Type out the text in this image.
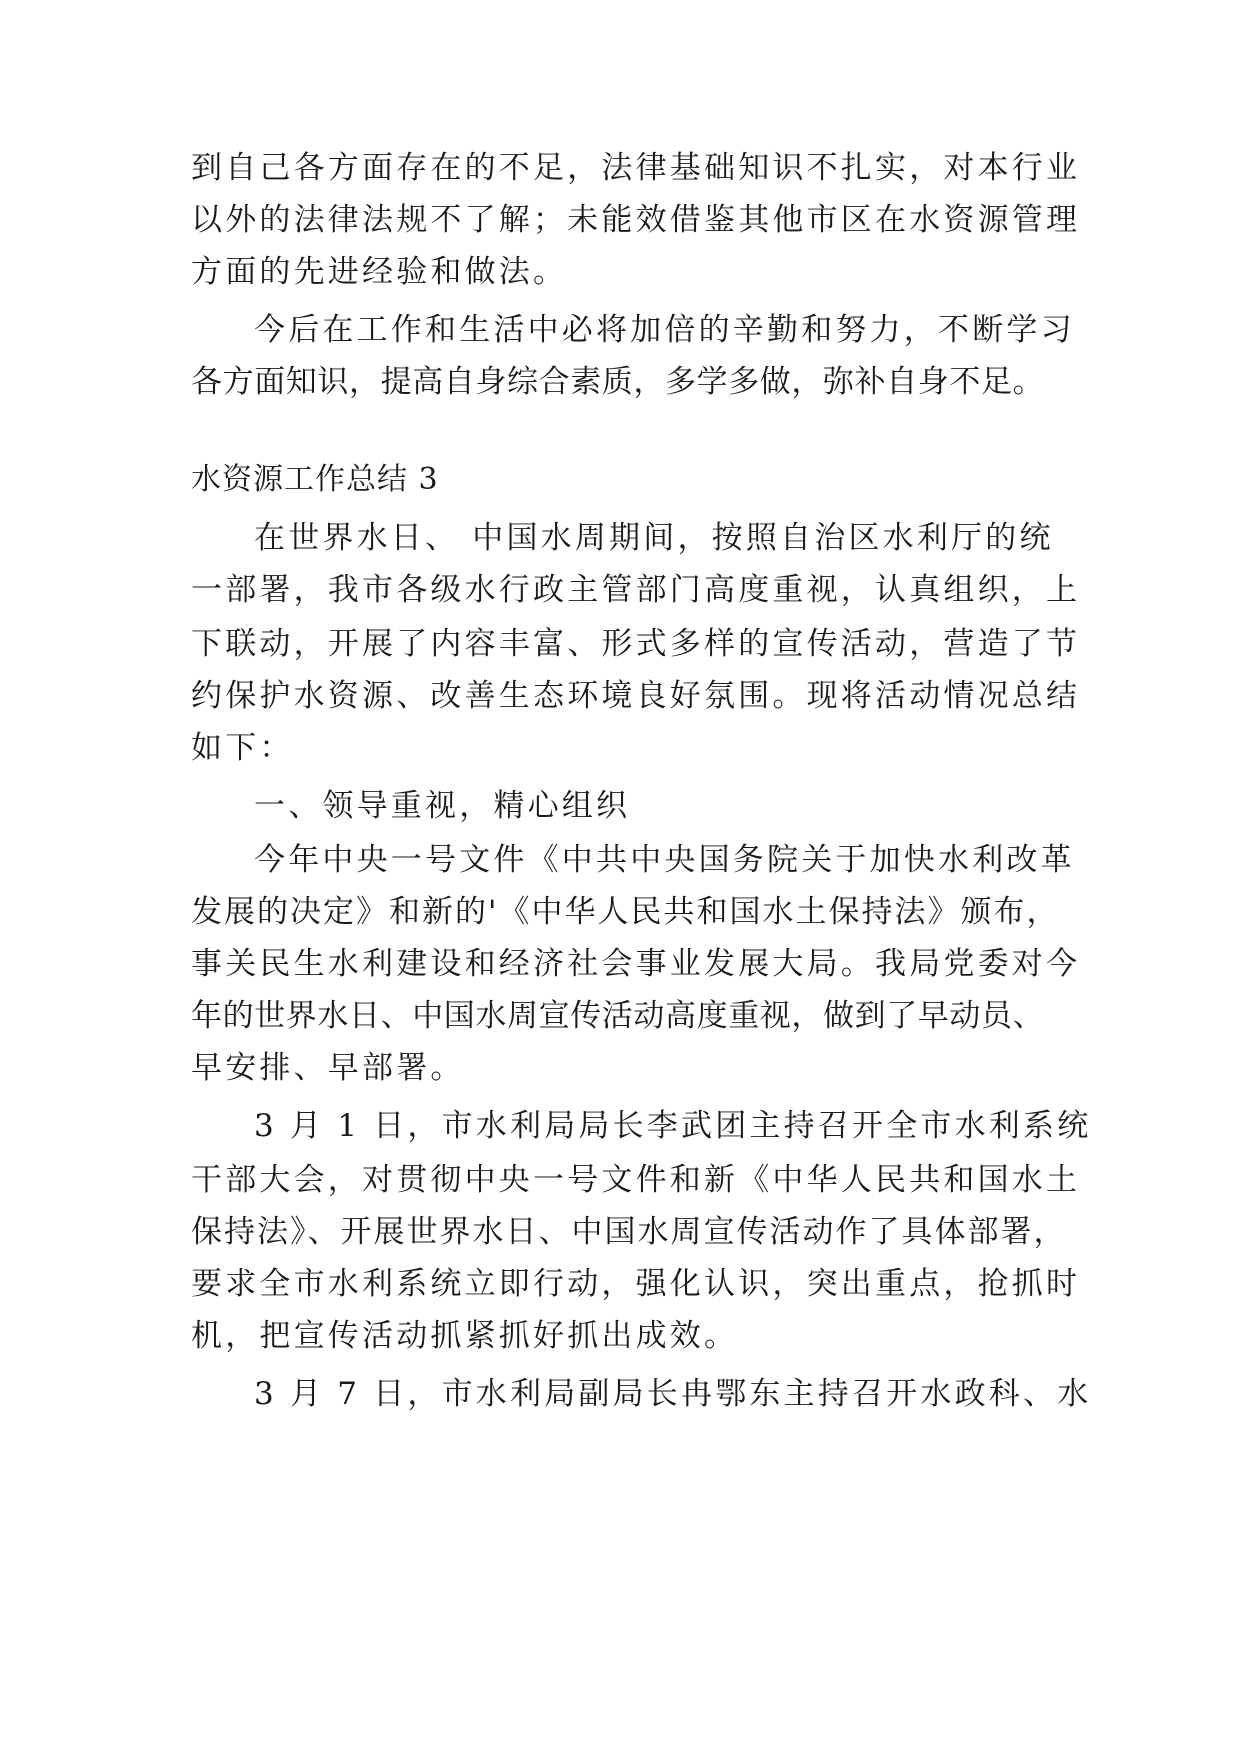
到自己各方面存在的不足，法律基础知识不扎实，对本行业
以外的法律法规不了解；未能效借鉴其他市区在水资源管理
方面的先进经验和做法。
今后在工作和生活中必将加倍的辛勤和努力，不断学习
各方面知识，提高自身综合素质，多学多做，弥补自身不足。
水资源工作总结 3
在世界水日、 中国水周期间，按照自治区水利厅的统
一部署，我市各级水行政主管部门高度重视，认真组织，上
下联动，开展了内容丰富、形式多样的宣传活动，营造了节
约保护水资源、改善生态环境良好氛围。现将活动情况总结
如下：
一、领导重视，精心组织
今年中央一号文件《中共中央国务院关于加快水利改革
发展的决定》和新的'《中华人民共和国水土保持法》颁布，
事关民生水利建设和经济社会事业发展大局。我局党委对今
年的世界水日、中国水周宣传活动高度重视，做到了早动员、
早安排、早部署。
3 月 1 日，市水利局局长李武团主持召开全市水利系统
干部大会，对贯彻中央一号文件和新《中华人民共和国水土
保持法》、开展世界水日、中国水周宣传活动作了具体部署，
要求全市水利系统立即行动，强化认识，突出重点，抢抓时
机，把宣传活动抓紧抓好抓出成效。
3 月 7 日，市水利局副局长冉鄂东主持召开水政科、水
